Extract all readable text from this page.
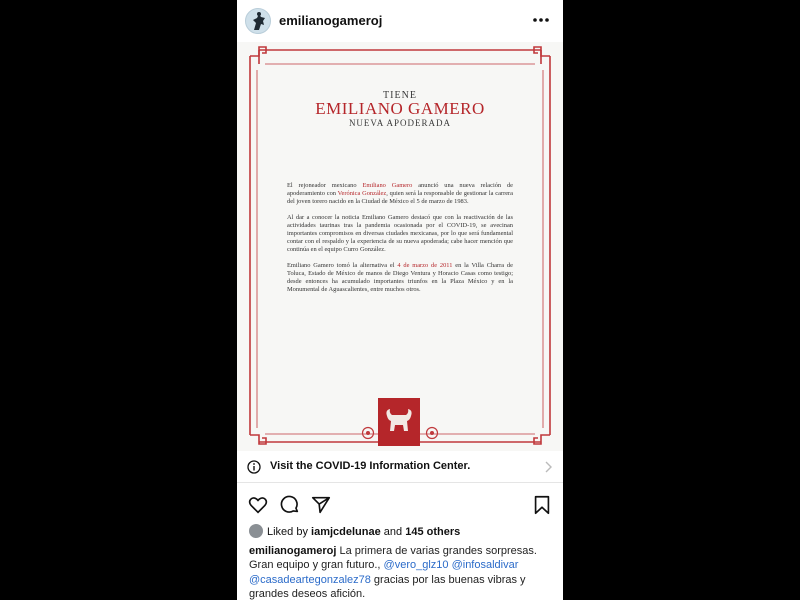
emilianogameroj
TIENE
EMILIANO GAMERO
NUEVA APODERADA

El rejoneador mexicano Emiliano Gamero anunció una nueva relación de apoderamiento con Verónica González, quien será la responsable de gestionar la carrera del joven torero nacido en la Ciudad de México el 5 de marzo de 1983.

Al dar a conocer la noticia Emiliano Gamero destacó que con la reactivación de las actividades taurinas tras la pandemia ocasionada por el COVID-19, se avecinan importantes compromisos en diversas ciudades mexicanas, por lo que será fundamental contar con el respaldo y la experiencia de su nueva apoderada; cabe hacer mención que continúa en el equipo Curro González.

Emiliano Gamero tomó la alternativa el 4 de marzo de 2011 en la Villa Charra de Toluca, Estado de México de manos de Diego Ventura y Horacio Casas como testigo; desde entonces ha acumulado importantes triunfos en la Plaza México y en la Monumental de Aguascalientes, entre muchos otros.

Visit the COVID-19 Information Center.
Liked by iamjcdelunae and 145 others
emilianogameroj La primera de varias grandes sorpresas. Gran equipo y gran futuro., @vero_glz10 @infosaldivar @casadeartegonzalez78 gracias por las buenas vibras y grandes deseos afición.
